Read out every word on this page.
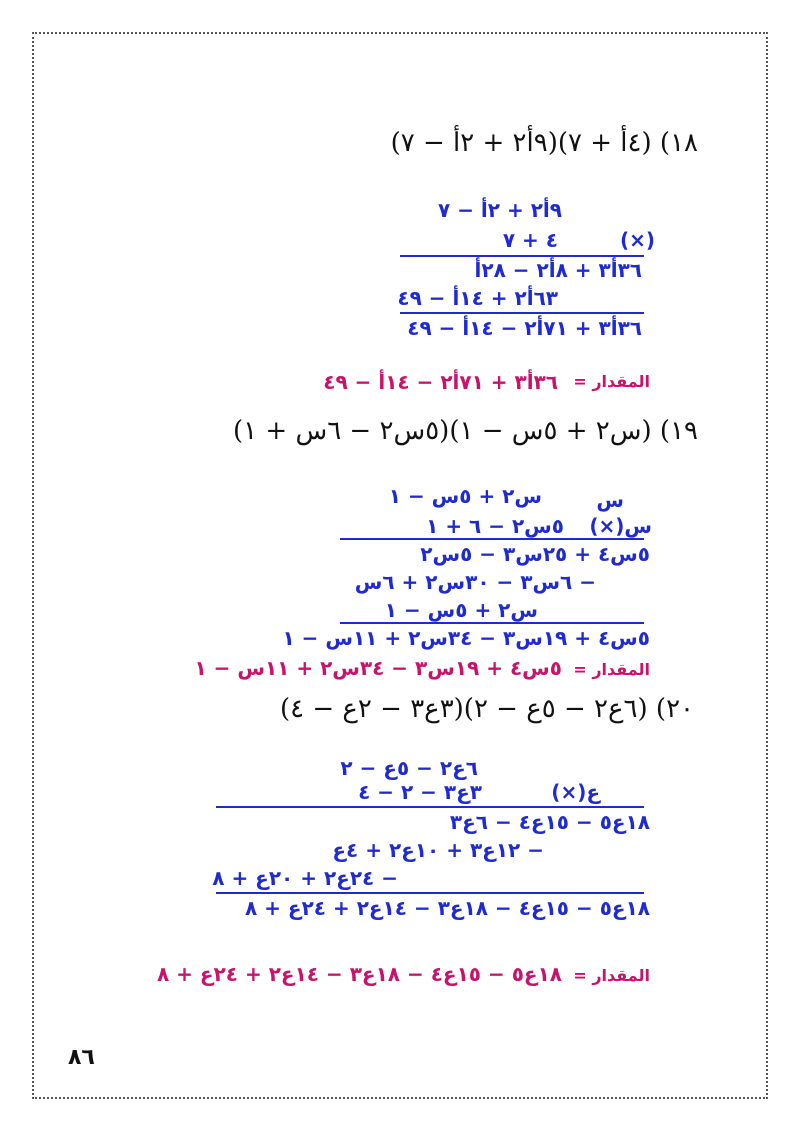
١٨) (٤أ + ٧)(٩أ٢ + ٢أ − ٧)
٩أ٢ + ٢أ − ٧
٤ + ٧	(×)
٣٦أ٣ + ٨أ٢ − ٢٨أ
٦٣أ٢ + ١٤أ − ٤٩
٣٦أ٣ + ٧١أ٢ − ١٤أ − ٤٩
المقدار =
٣٦أ٣ + ٧١أ٢ − ١٤أ − ٤٩
١٩) (س٢ + ٥س − ١)(٥س٢ − ٦س + ١)
س
س٢ + ٥س − ١
س(×)
٥س٢ − ٦ + ١
٥س٤ + ٢٥س٣ − ٥س٢
− ٦س٣ − ٣٠س٢ + ٦س
س٢ + ٥س − ١
٥س٤ + ١٩س٣ − ٣٤س٢ + ١١س − ١
المقدار =
٥س٤ + ١٩س٣ − ٣٤س٢ + ١١س − ١
٢٠) (٦ع٢ − ٥ع − ٢)(٣ع٣ − ٢ع − ٤)
٦ع٢ − ٥ع − ٢
ع(×)
٣ع٣ − ٢ − ٤
١٨ع٥ − ١٥ع٤ − ٦ع٣
− ١٢ع٣ + ١٠ع٢ + ٤ع
− ٢٤ع٢ + ٢٠ع + ٨
١٨ع٥ − ١٥ع٤ − ١٨ع٣ − ١٤ع٢ + ٢٤ع + ٨
المقدار =
١٨ع٥ − ١٥ع٤ − ١٨ع٣ − ١٤ع٢ + ٢٤ع + ٨
٨٦
